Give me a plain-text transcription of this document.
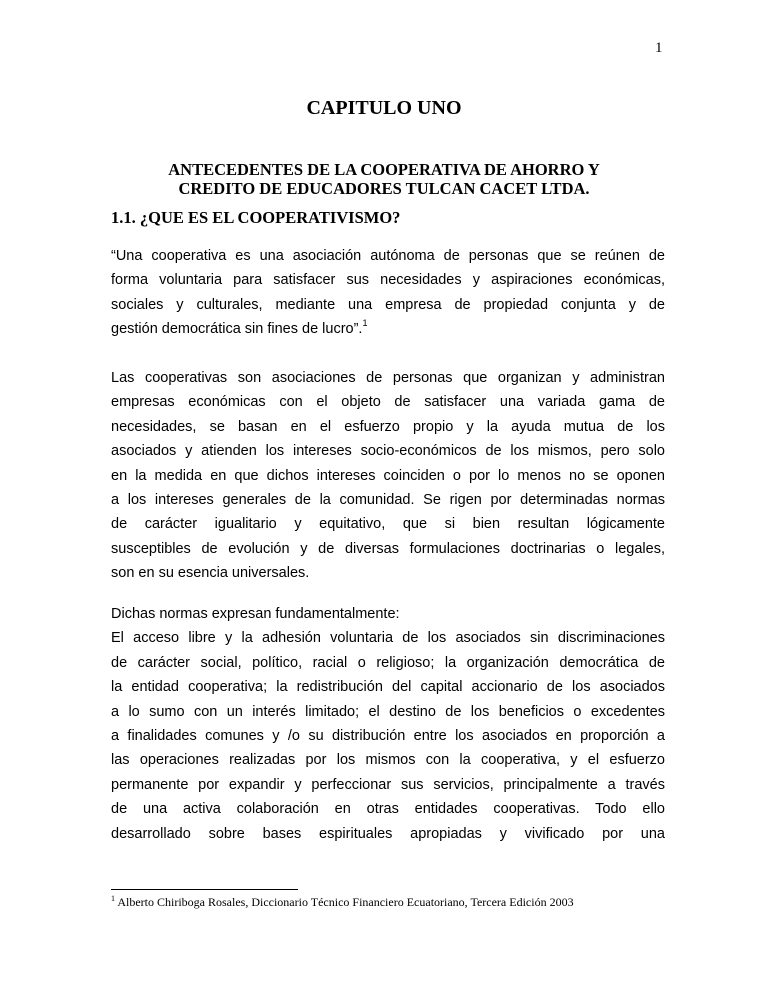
1
CAPITULO UNO
ANTECEDENTES DE LA COOPERATIVA DE AHORRO Y
CREDITO DE EDUCADORES TULCAN CACET LTDA.
1.1. ¿QUE ES EL COOPERATIVISMO?
“Una cooperativa es una asociación autónoma de personas que se reúnen de
forma voluntaria para satisfacer sus necesidades y aspiraciones económicas,
sociales y culturales, mediante una empresa de propiedad conjunta y de
gestión democrática sin fines de lucro”.$^1$
Las cooperativas son asociaciones de personas que organizan y administran
empresas económicas con el objeto de satisfacer una variada gama de
necesidades, se basan en el esfuerzo propio y la ayuda mutua de los
asociados y atienden los intereses socio-económicos de los mismos, pero solo
en la medida en que dichos intereses coinciden o por lo menos no se oponen
a los intereses generales de la comunidad. Se rigen por determinadas normas
de carácter igualitario y equitativo, que si bien resultan lógicamente
susceptibles de evolución y de diversas formulaciones doctrinarias o legales,
son en su esencia universales.
Dichas normas expresan fundamentalmente:
El acceso libre y la adhesión voluntaria de los asociados sin discriminaciones
de carácter social, político, racial o religioso; la organización democrática de
la entidad cooperativa; la redistribución del capital accionario de los asociados
a lo sumo con un interés limitado; el destino de los beneficios o excedentes
a finalidades comunes y /o su distribución entre los asociados en proporción a
las operaciones realizadas por los mismos con la cooperativa, y el esfuerzo
permanente por expandir y perfeccionar sus servicios, principalmente a través
de una activa colaboración en otras entidades cooperativas. Todo ello
desarrollado sobre bases espirituales apropiadas y vivificado por una
$^1$ Alberto Chiriboga Rosales, Diccionario Técnico Financiero Ecuatoriano, Tercera Edición 2003
